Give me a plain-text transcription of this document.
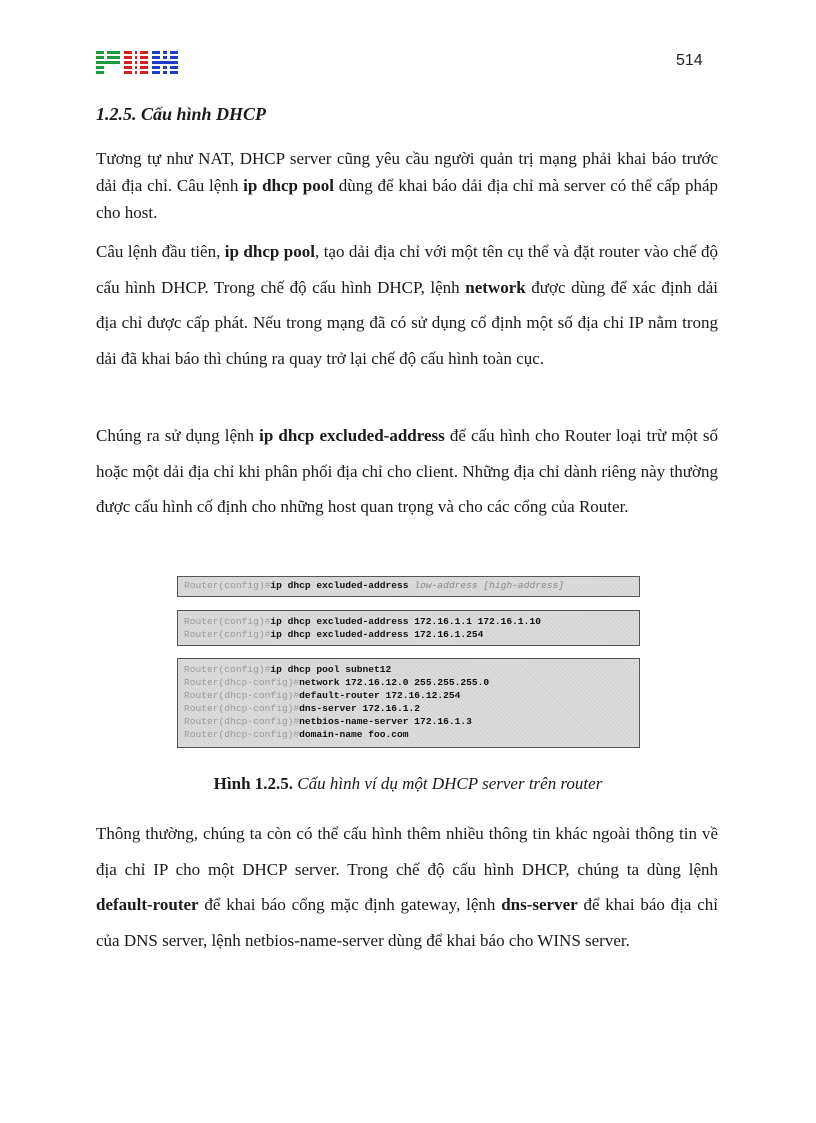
514
1.2.5. Cấu hình DHCP

Tương tự như NAT, DHCP server cũng yêu cầu người quản trị mạng phải khai báo trước dải địa chỉ. Câu lệnh ip dhcp pool dùng để khai báo dải địa chỉ mà server có thể cấp pháp cho host.

Câu lệnh đầu tiên, ip dhcp pool, tạo dải địa chỉ với một tên cụ thể và đặt router vào chế độ cấu hình DHCP. Trong chế độ cấu hình DHCP, lệnh network được dùng để xác định dải địa chỉ được cấp phát. Nếu trong mạng đã có sử dụng cố định một số địa chỉ IP nằm trong dải đã khai báo thì chúng ra quay trở lại chế độ cấu hình toàn cục.

Chúng ra sử dụng lệnh ip dhcp excluded-address để cấu hình cho Router loại trừ một số hoặc một dải địa chỉ khi phân phối địa chỉ cho client. Những địa chỉ dành riêng này thường được cấu hình cố định cho những host quan trọng và cho các cổng của Router.

Router(config)#ip dhcp excluded-address low-address [high-address]
Router(config)#ip dhcp excluded-address 172.16.1.1 172.16.1.10
Router(config)#ip dhcp excluded-address 172.16.1.254
Router(config)#ip dhcp pool subnet12
Router(dhcp-config)#network 172.16.12.0 255.255.255.0
Router(dhcp-config)#default-router 172.16.12.254
Router(dhcp-config)#dns-server 172.16.1.2
Router(dhcp-config)#netbios-name-server 172.16.1.3
Router(dhcp-config)#domain-name foo.com
Hình 1.2.5. Cấu hình ví dụ một DHCP server trên router

Thông thường, chúng ta còn có thể cấu hình thêm nhiều thông tin khác ngoài thông tin về địa chỉ IP cho một DHCP server. Trong chế độ cấu hình DHCP, chúng ta dùng lệnh default-router để khai báo cổng mặc định gateway, lệnh dns-server để khai báo địa chỉ của DNS server, lệnh netbios-name-server dùng để khai báo cho WINS server.
